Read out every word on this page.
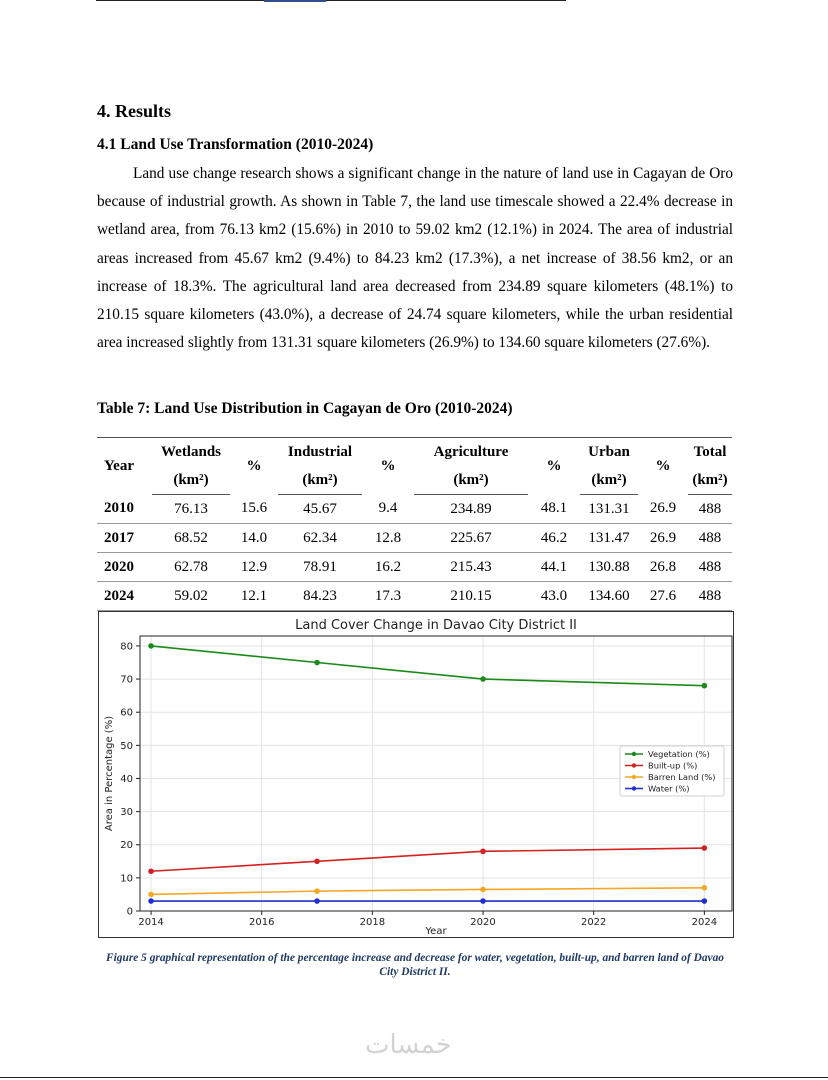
4. Results
4.1 Land Use Transformation (2010-2024)

Land use change research shows a significant change in the nature of land use in Cagayan de Oro because of industrial growth. As shown in Table 7, the land use timescale showed a 22.4% decrease in wetland area, from 76.13 km2 (15.6%) in 2010 to 59.02 km2 (12.1%) in 2024. The area of industrial areas increased from 45.67 km2 (9.4%) to 84.23 km2 (17.3%), a net increase of 38.56 km2, or an increase of 18.3%. The agricultural land area decreased from 234.89 square kilometers (48.1%) to 210.15 square kilometers (43.0%), a decrease of 24.74 square kilometers, while the urban residential area increased slightly from 131.31 square kilometers (26.9%) to 134.60 square kilometers (27.6%).

Table 7: Land Use Distribution in Cagayan de Oro (2010-2024)
Year	Wetlands	%	Industrial	%	Agriculture	%	Urban	%	Total
	(km²)		(km²)		(km²)		(km²)		(km²)
2010	76.13	15.6	45.67	9.4	234.89	48.1	131.31	26.9	488
2017	68.52	14.0	62.34	12.8	225.67	46.2	131.47	26.9	488
2020	62.78	12.9	78.91	16.2	215.43	44.1	130.88	26.8	488
2024	59.02	12.1	84.23	17.3	210.15	43.0	134.60	27.6	488
0
10
20
30
40
50
60
70
80
2014	2016	2018	2020	2022	2024
Land Cover Change in Davao City District II
Year
Area in Percentage (%)	Vegetation (%)
Built-up (%)
Barren Land (%)
Water (%)
Figure 5 graphical representation of the percentage increase and decrease for water, vegetation, built-up, and barren land of Davao City District II.
خمسات
